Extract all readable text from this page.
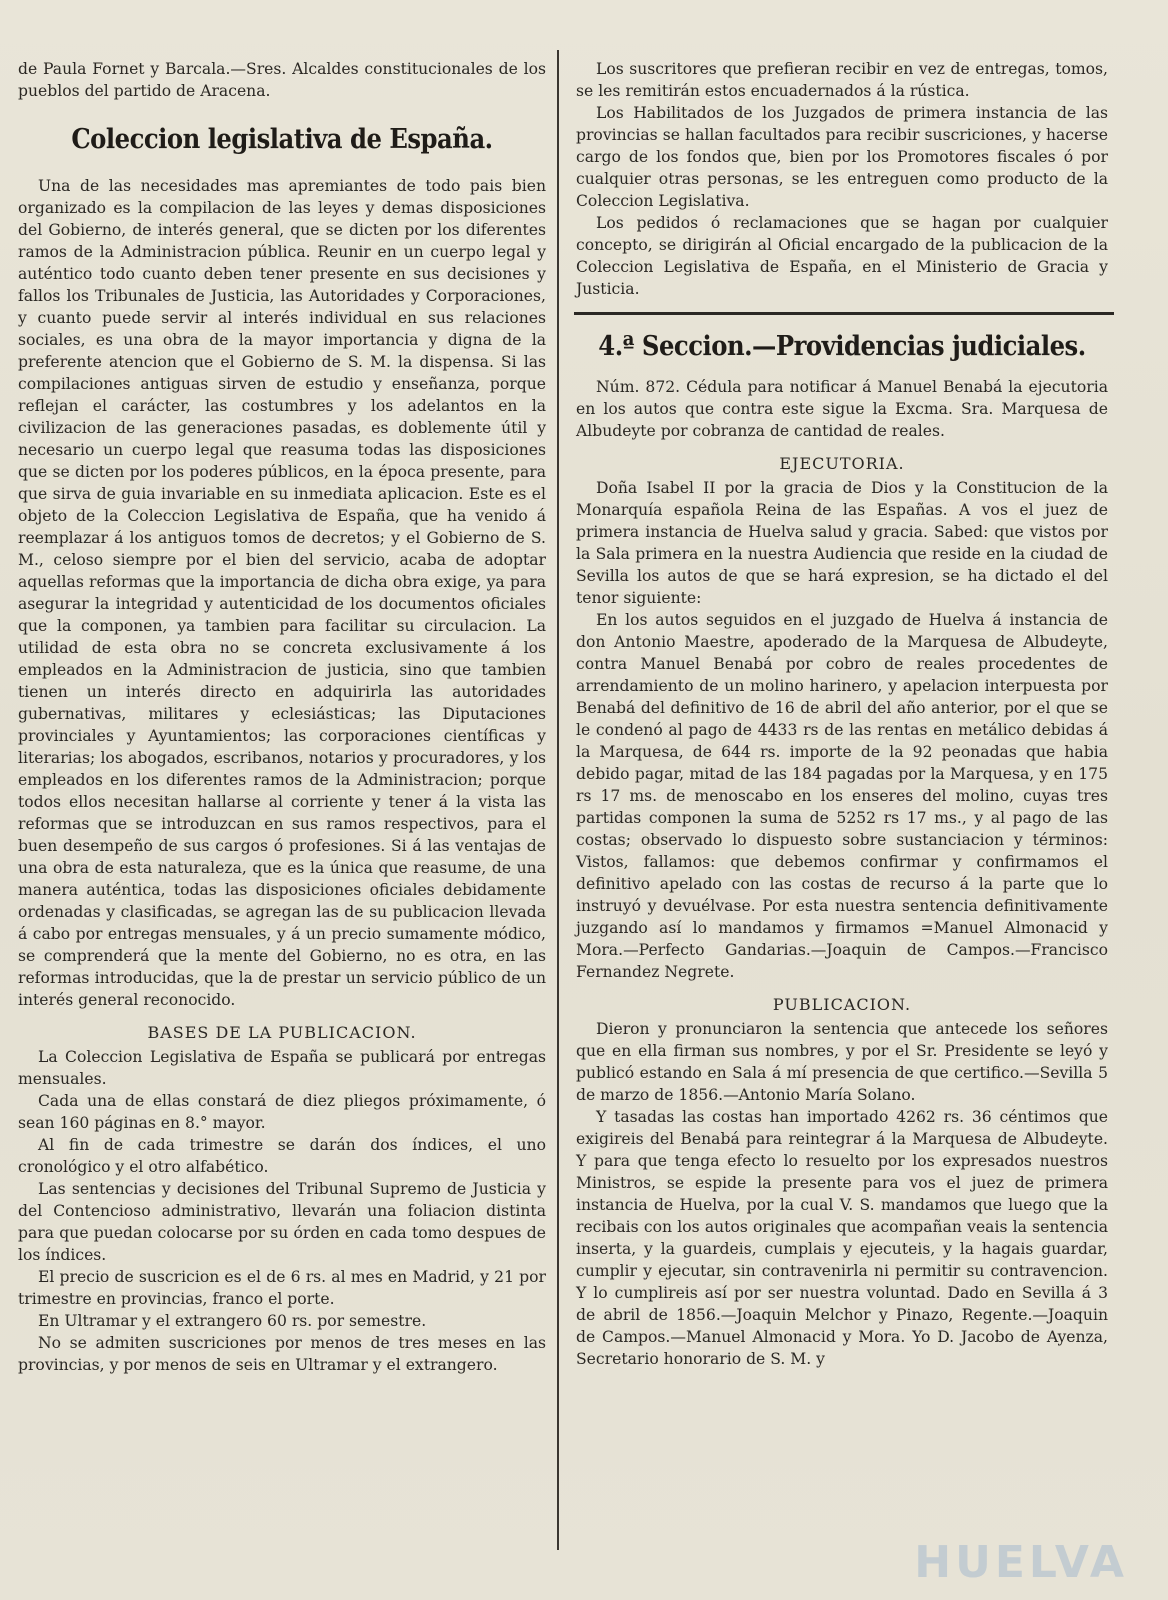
de Paula Fornet y Barcala.—Sres. Alcaldes constitucionales de los pueblos del partido de Aracena.

Coleccion legislativa de España.

Una de las necesidades mas apremiantes de todo pais bien organizado es la compilacion de las leyes y demas disposiciones del Gobierno, de interés general, que se dicten por los diferentes ramos de la Administracion pública. Reunir en un cuerpo legal y auténtico todo cuanto deben tener presente en sus decisiones y fallos los Tribunales de Justicia, las Autoridades y Corporaciones, y cuanto puede servir al interés individual en sus relaciones sociales, es una obra de la mayor importancia y digna de la preferente atencion que el Gobierno de S. M. la dispensa. Si las compilaciones antiguas sirven de estudio y enseñanza, porque reflejan el carácter, las costumbres y los adelantos en la civilizacion de las generaciones pasadas, es doblemente útil y necesario un cuerpo legal que reasuma todas las disposiciones que se dicten por los poderes públicos, en la época presente, para que sirva de guia invariable en su inmediata aplicacion. Este es el objeto de la Coleccion Legislativa de España, que ha venido á reemplazar á los antiguos tomos de decretos; y el Gobierno de S. M., celoso siempre por el bien del servicio, acaba de adoptar aquellas reformas que la importancia de dicha obra exige, ya para asegurar la integridad y autenticidad de los documentos oficiales que la componen, ya tambien para facilitar su circulacion. La utilidad de esta obra no se concreta exclusivamente á los empleados en la Administracion de justicia, sino que tambien tienen un interés directo en adquirirla las autoridades gubernativas, militares y eclesiásticas; las Diputaciones provinciales y Ayuntamientos; las corporaciones científicas y literarias; los abogados, escribanos, notarios y procuradores, y los empleados en los diferentes ramos de la Administracion; porque todos ellos necesitan hallarse al corriente y tener á la vista las reformas que se introduzcan en sus ramos respectivos, para el buen desempeño de sus cargos ó profesiones. Si á las ventajas de una obra de esta naturaleza, que es la única que reasume, de una manera auténtica, todas las disposiciones oficiales debidamente ordenadas y clasificadas, se agregan las de su publicacion llevada á cabo por entregas mensuales, y á un precio sumamente módico, se comprenderá que la mente del Gobierno, no es otra, en las reformas introducidas, que la de prestar un servicio público de un interés general reconocido.

BASES DE LA PUBLICACION.

La Coleccion Legislativa de España se publicará por entregas mensuales.

Cada una de ellas constará de diez pliegos próximamente, ó sean 160 páginas en 8.° mayor.

Al fin de cada trimestre se darán dos índices, el uno cronológico y el otro alfabético.

Las sentencias y decisiones del Tribunal Supremo de Justicia y del Contencioso administrativo, llevarán una foliacion distinta para que puedan colocarse por su órden en cada tomo despues de los índices.

El precio de suscricion es el de 6 rs. al mes en Madrid, y 21 por trimestre en provincias, franco el porte.

En Ultramar y el extrangero 60 rs. por semestre.

No se admiten suscriciones por menos de tres meses en las provincias, y por menos de seis en Ultramar y el extrangero.

Los suscritores que prefieran recibir en vez de entregas, tomos, se les remitirán estos encuadernados á la rústica.

Los Habilitados de los Juzgados de primera instancia de las provincias se hallan facultados para recibir suscriciones, y hacerse cargo de los fondos que, bien por los Promotores fiscales ó por cualquier otras personas, se les entreguen como producto de la Coleccion Legislativa.

Los pedidos ó reclamaciones que se hagan por cualquier concepto, se dirigirán al Oficial encargado de la publicacion de la Coleccion Legislativa de España, en el Ministerio de Gracia y Justicia.

4.ª Seccion.—Providencias judiciales.

Núm. 872. Cédula para notificar á Manuel Benabá la ejecutoria en los autos que contra este sigue la Excma. Sra. Marquesa de Albudeyte por cobranza de cantidad de reales.

EJECUTORIA.

Doña Isabel II por la gracia de Dios y la Constitucion de la Monarquía española Reina de las Españas. A vos el juez de primera instancia de Huelva salud y gracia. Sabed: que vistos por la Sala primera en la nuestra Audiencia que reside en la ciudad de Sevilla los autos de que se hará expresion, se ha dictado el del tenor siguiente:

En los autos seguidos en el juzgado de Huelva á instancia de don Antonio Maestre, apoderado de la Marquesa de Albudeyte, contra Manuel Benabá por cobro de reales procedentes de arrendamiento de un molino harinero, y apelacion interpuesta por Benabá del definitivo de 16 de abril del año anterior, por el que se le condenó al pago de 4433 rs de las rentas en metálico debidas á la Marquesa, de 644 rs. importe de la 92 peonadas que habia debido pagar, mitad de las 184 pagadas por la Marquesa, y en 175 rs 17 ms. de menoscabo en los enseres del molino, cuyas tres partidas componen la suma de 5252 rs 17 ms., y al pago de las costas; observado lo dispuesto sobre sustanciacion y términos: Vistos, fallamos: que debemos confirmar y confirmamos el definitivo apelado con las costas de recurso á la parte que lo instruyó y devuélvase. Por esta nuestra sentencia definitivamente juzgando así lo mandamos y firmamos =Manuel Almonacid y Mora.—Perfecto Gandarias.—Joaquin de Campos.—Francisco Fernandez Negrete.

PUBLICACION.

Dieron y pronunciaron la sentencia que antecede los señores que en ella firman sus nombres, y por el Sr. Presidente se leyó y publicó estando en Sala á mí presencia de que certifico.—Sevilla 5 de marzo de 1856.—Antonio María Solano.

Y tasadas las costas han importado 4262 rs. 36 céntimos que exigireis del Benabá para reintegrar á la Marquesa de Albudeyte. Y para que tenga efecto lo resuelto por los expresados nuestros Ministros, se espide la presente para vos el juez de primera instancia de Huelva, por la cual V. S. mandamos que luego que la recibais con los autos originales que acompañan veais la sentencia inserta, y la guardeis, cumplais y ejecuteis, y la hagais guardar, cumplir y ejecutar, sin contravenirla ni permitir su contravencion. Y lo cumplireis así por ser nuestra voluntad. Dado en Sevilla á 3 de abril de 1856.—Joaquin Melchor y Pinazo, Regente.—Joaquin de Campos.—Manuel Almonacid y Mora. Yo D. Jacobo de Ayenza, Secretario honorario de S. M. y

HUELVA
